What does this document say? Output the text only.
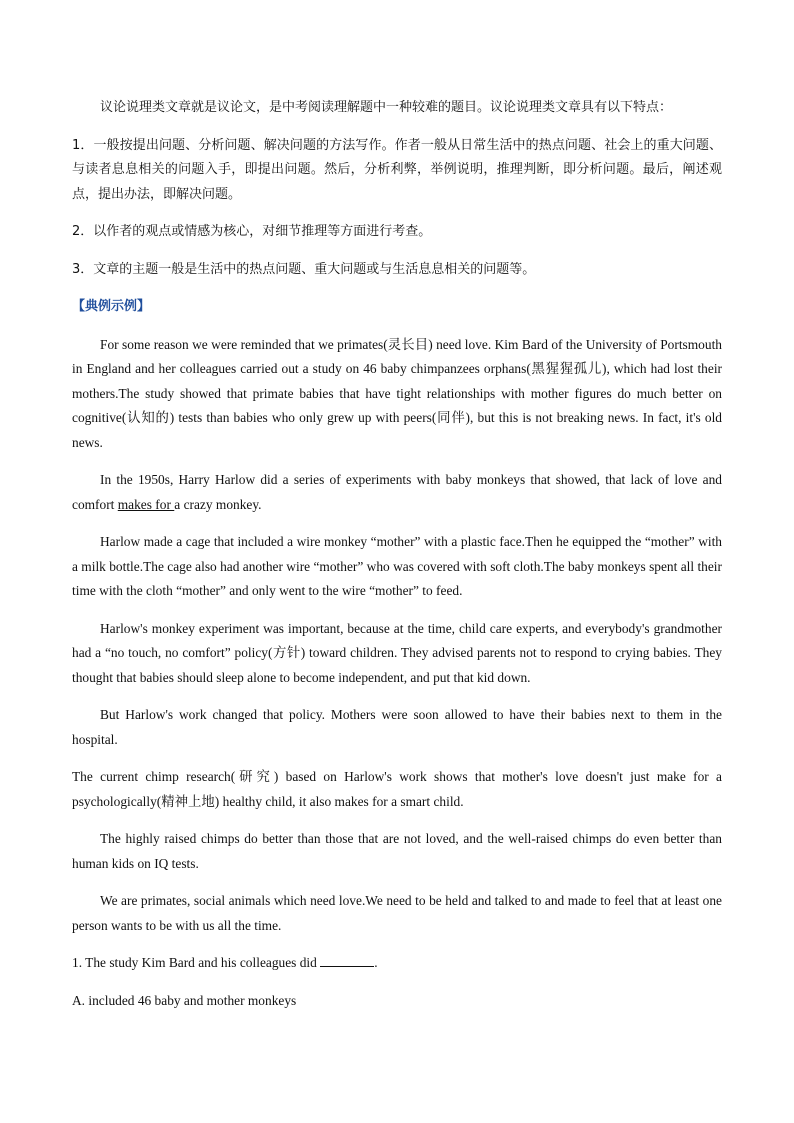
议论说理类文章就是议论文，是中考阅读理解题中一种较难的题目。议论说理类文章具有以下特点：

1．一般按提出问题、分析问题、解决问题的方法写作。作者一般从日常生活中的热点问题、社会上的重大问题、与读者息息相关的问题入手，即提出问题。然后，分析利弊，举例说明，推理判断，即分析问题。最后，阐述观点，提出办法，即解决问题。

2．以作者的观点或情感为核心，对细节推理等方面进行考查。

3．文章的主题一般是生活中的热点问题、重大问题或与生活息息相关的问题等。

【典例示例】

For some reason we were reminded that we primates(灵长目) need love. Kim Bard of the University of Portsmouth in England and her colleagues carried out a study on 46 baby chimpanzees orphans(黑猩猩孤儿), which had lost their mothers.The study showed that primate babies that have tight relationships with mother figures do much better on cognitive(认知的) tests than babies who only grew up with peers(同伴), but this is not breaking news. In fact, it's old news.

In the 1950s, Harry Harlow did a series of experiments with baby monkeys that showed, that lack of love and comfort makes for a crazy monkey.

Harlow made a cage that included a wire monkey “mother” with a plastic face.Then he equipped the “mother” with a milk bottle.The cage also had another wire “mother” who was covered with soft cloth.The baby monkeys spent all their time with the cloth “mother” and only went to the wire “mother” to feed.

Harlow's monkey experiment was important, because at the time, child care experts, and everybody's grandmother had a “no touch, no comfort” policy(方针) toward children. They advised parents not to respond to crying babies. They thought that babies should sleep alone to become independent, and put that kid down.

But Harlow's work changed that policy. Mothers were soon allowed to have their babies next to them in the hospital.

The current chimp research(研究) based on Harlow's work shows that mother's love doesn't just make for a psychologically(精神上地) healthy child, it also makes for a smart child.

The highly raised chimps do better than those that are not loved, and the well-raised chimps do even better than human kids on IQ tests.

We are primates, social animals which need love.We need to be held and talked to and made to feel that at least one person wants to be with us all the time.

1. The study Kim Bard and his colleagues did	.

A. included 46 baby and mother monkeys
